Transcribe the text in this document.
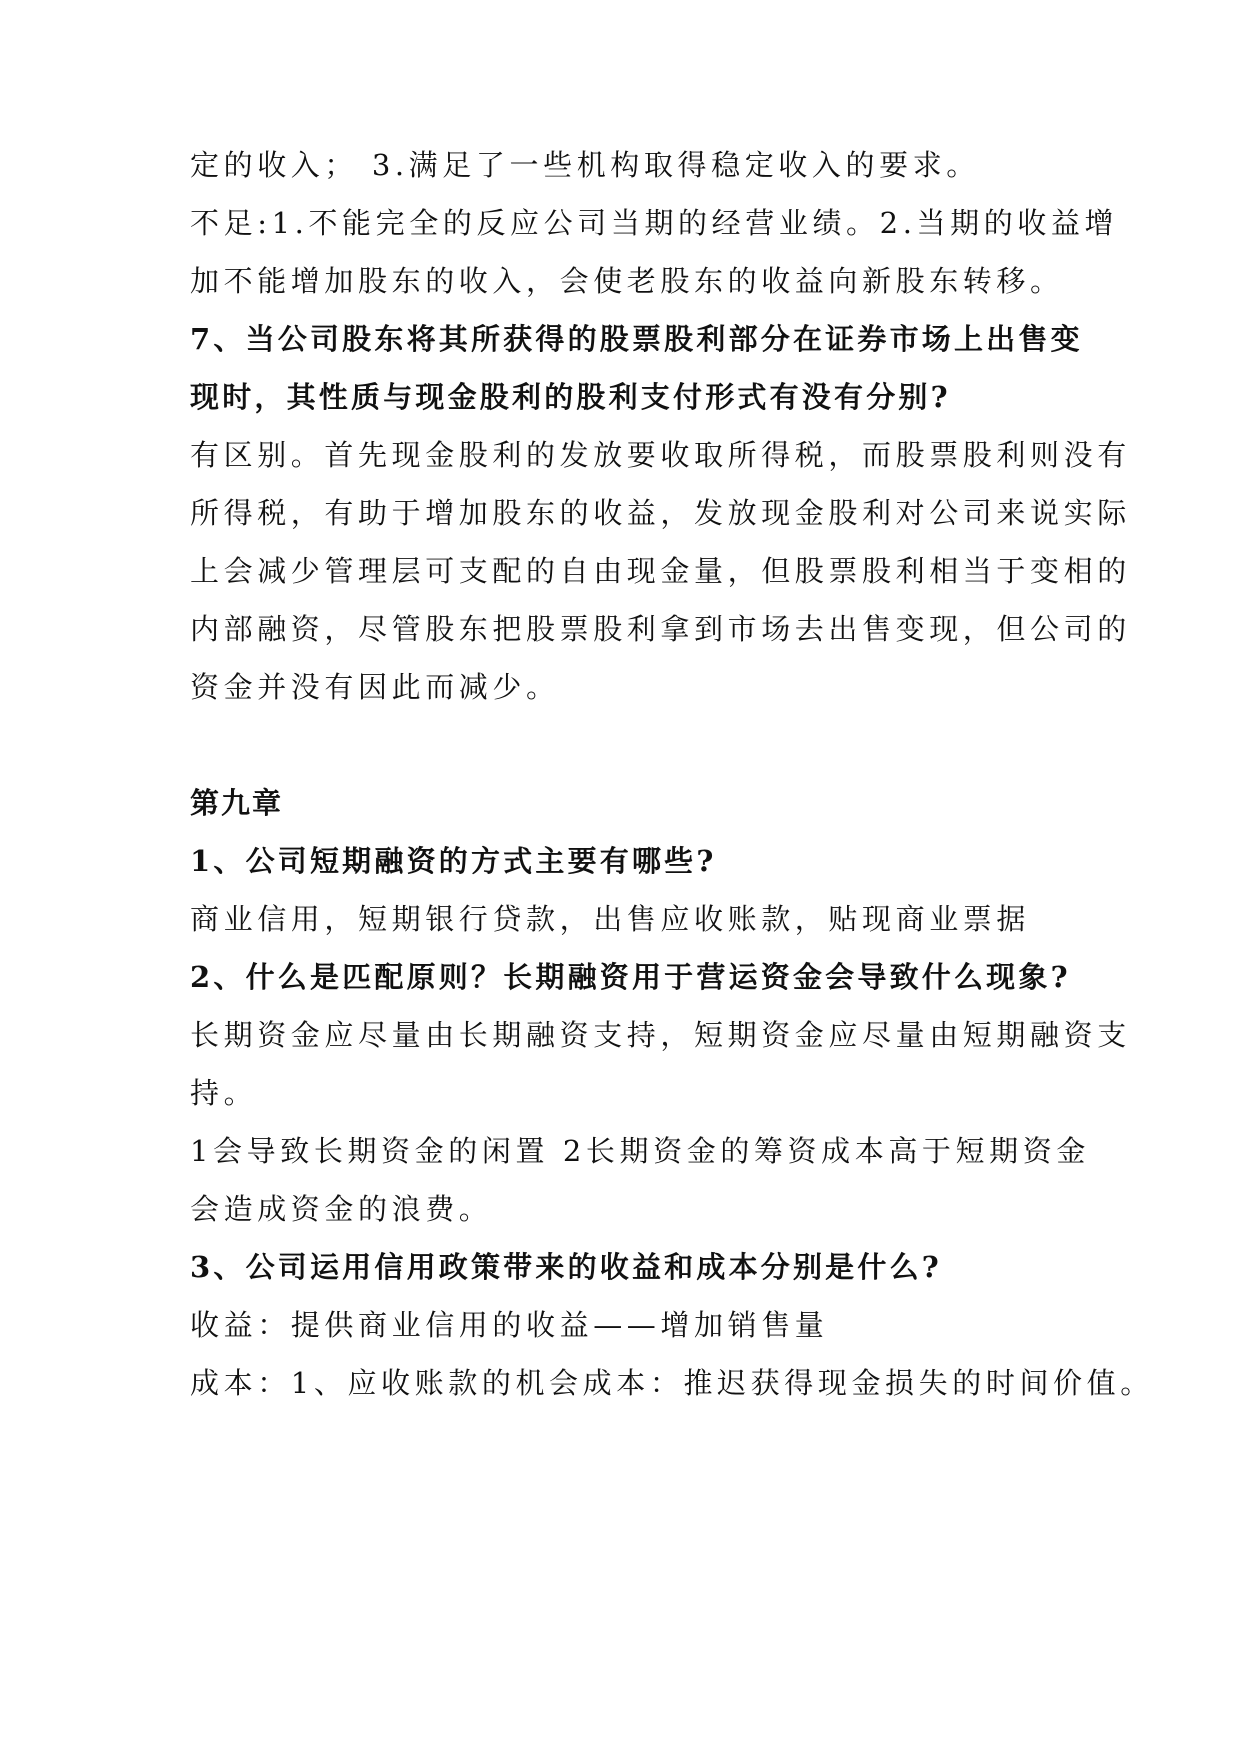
定的收入； 3.满足了一些机构取得稳定收入的要求。
不足:1.不能完全的反应公司当期的经营业绩。2.当期的收益增
加不能增加股东的收入，会使老股东的收益向新股东转移。
7、当公司股东将其所获得的股票股利部分在证券市场上出售变
现时，其性质与现金股利的股利支付形式有没有分别?
有区别。首先现金股利的发放要收取所得税，而股票股利则没有
所得税，有助于增加股东的收益，发放现金股利对公司来说实际
上会减少管理层可支配的自由现金量，但股票股利相当于变相的
内部融资，尽管股东把股票股利拿到市场去出售变现，但公司的
资金并没有因此而减少。
第九章
1、公司短期融资的方式主要有哪些?
商业信用，短期银行贷款，出售应收账款，贴现商业票据
2、什么是匹配原则？长期融资用于营运资金会导致什么现象?
长期资金应尽量由长期融资支持，短期资金应尽量由短期融资支
持。
1会导致长期资金的闲置 2长期资金的筹资成本高于短期资金
会造成资金的浪费。
3、公司运用信用政策带来的收益和成本分别是什么?
收益：提供商业信用的收益——增加销售量
成本：1、应收账款的机会成本：推迟获得现金损失的时间价值。
